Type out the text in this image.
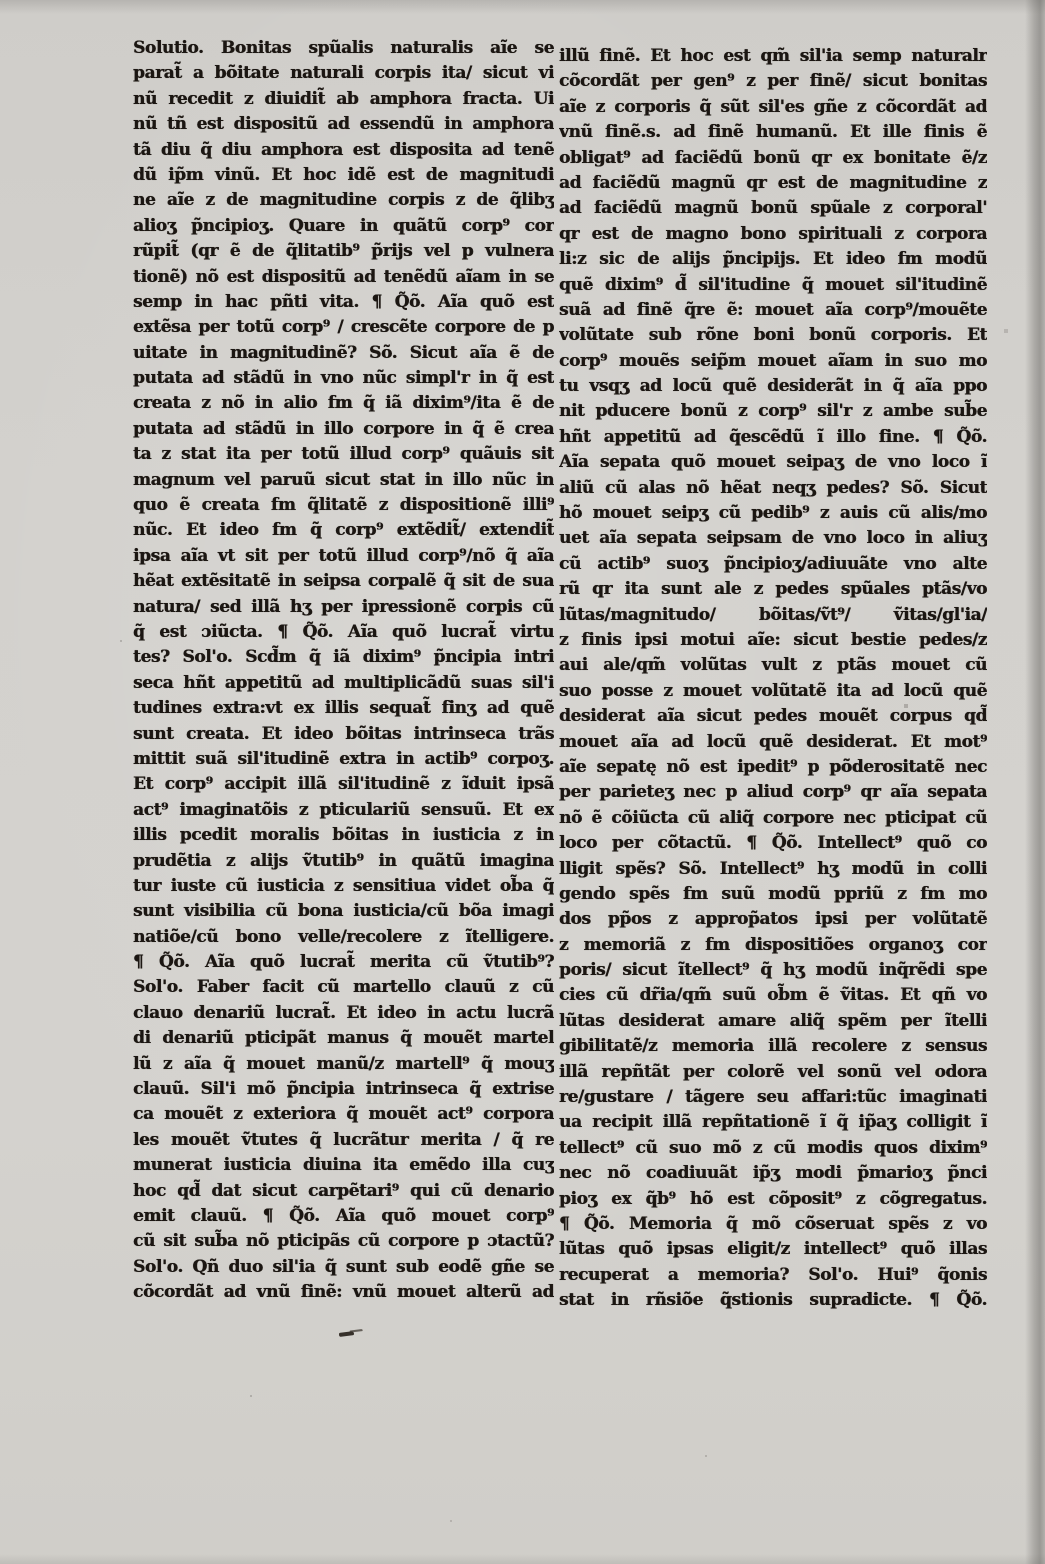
Solutio. Bonitas spũalis naturalis aĩe se
parat̃ a bõitate naturali corpis ita/ sicut vi
nũ recedit z diuidit̃ ab amphora fracta. Ui
nũ tñ est dispositũ ad essendũ in amphora
tã diu q̃ diu amphora est disposita ad tenẽ
dũ ip̃m vinũ. Et hoc idẽ est de magnitudi
ne aĩe z de magnitudine corpis z de q̃libʒ
alioʒ p̃ncipioʒ. Quare in quãtũ corp⁹ cor
rũpit̃ (qr ẽ de q̃litatib⁹ p̃rijs vel p vulnera
tionẽ) nõ est dispositũ ad tenẽdũ aĩam in se
semp in hac pñti vita. ¶ Q̃õ. Aĩa quõ est
extẽsa per totũ corp⁹ / crescẽte corpore de p
uitate in magnitudinẽ? Sõ. Sicut aĩa ẽ de
putata ad stãdũ in vno nũc simpl'r in q̃ est
creata z nõ in alio fm q̃ iã dixim⁹/ita ẽ de
putata ad stãdũ in illo corpore in q̃ ẽ crea
ta z stat ita per totũ illud corp⁹ quãuis sit
magnum vel paruũ sicut stat in illo nũc in
quo ẽ creata fm q̃litatẽ z dispositionẽ illi⁹
nũc. Et ideo fm q̃ corp⁹ extẽdit̃/ extendit̃
ipsa aĩa vt sit per totũ illud corp⁹/nõ q̃ aĩa
hẽat extẽsitatẽ in seipsa corpalẽ q̃ sit de sua
natura/ sed illã hʒ per ipressionẽ corpis cũ
q̃ est ɔiũcta. ¶ Q̃õ. Aĩa quõ lucrat̃ virtu
tes? Sol'o. Scd̃m q̃ iã dixim⁹ p̃ncipia intri
seca hñt appetitũ ad multiplicãdũ suas sil'i
tudines extra:vt ex illis sequat̃ finʒ ad quẽ
sunt creata. Et ideo bõitas intrinseca trãs
mittit suã sil'itudinẽ extra in actib⁹ corpoʒ.
Et corp⁹ accipit illã sil'itudinẽ z ĩduit ipsã
act⁹ imaginatõis z pticulariũ sensuũ. Et ex
illis pcedit moralis bõitas in iusticia z in
prudẽtia z alijs ṽtutib⁹ in quãtũ imagina
tur iuste cũ iusticia z sensitiua videt ob̃a q̃
sunt visibilia cũ bona iusticia/cũ bõa imagi
natiõe/cũ bono velle/recolere z ĩtelligere.
¶ Q̃õ. Aĩa quõ lucrat̃ merita cũ ṽtutib⁹?
Sol'o. Faber facit cũ martello clauũ z cũ
clauo denariũ lucrat̃. Et ideo in actu lucrã
di denariũ pticipãt manus q̃ mouẽt martel
lũ z aĩa q̃ mouet manũ/z martell⁹ q̃ mouʒ
clauũ. Sil'i mõ p̃ncipia intrinseca q̃ extrise
ca mouẽt z exteriora q̃ mouẽt act⁹ corpora
les mouẽt ṽtutes q̃ lucrãtur merita / q̃ re
munerat iusticia diuina ita emẽdo illa cuʒ
hoc qd̃ dat sicut carpẽtari⁹ qui cũ denario
emit clauũ. ¶ Q̃õ. Aĩa quõ mouet corp⁹
cũ sit sub̃a nõ pticipãs cũ corpore p ɔtactũ?
Sol'o. Qñ duo sil'ia q̃ sunt sub eodẽ gñe se
cõcordãt ad vnũ finẽ: vnũ mouet alterũ ad
illũ finẽ. Et hoc est qm̃ sil'ia semp naturalr
cõcordãt per gen⁹ z per finẽ/ sicut bonitas
aĩe z corporis q̃ sũt sil'es gñe z cõcordãt ad
vnũ finẽ.s. ad finẽ humanũ. Et ille finis ẽ
obligat⁹ ad faciẽdũ bonũ qr ex bonitate ẽ/z
ad faciẽdũ magnũ qr est de magnitudine z
ad faciẽdũ magnũ bonũ spũale z corporal'
qr est de magno bono spirituali z corpora
li:z sic de alijs p̃ncipijs. Et ideo fm modũ
quẽ dixim⁹ d̃ sil'itudine q̃ mouet sil'itudinẽ
suã ad finẽ q̃re ẽ: mouet aĩa corp⁹/mouẽte
volũtate sub rõne boni bonũ corporis. Et
corp⁹ mouẽs seip̃m mouet aĩam in suo mo
tu vsqʒ ad locũ quẽ desiderãt in q̃ aĩa ppo
nit pducere bonũ z corp⁹ sil'r z ambe sub̃e
hñt appetitũ ad q̃escẽdũ ĩ illo fine. ¶ Q̃õ.
Aĩa sepata quõ mouet seipaʒ de vno loco ĩ
aliũ cũ alas nõ hẽat neqʒ pedes? Sõ. Sicut
hõ mouet seipʒ cũ pedib⁹ z auis cũ alis/mo
uet aĩa sepata seipsam de vno loco in aliuʒ
cũ actib⁹ suoʒ p̃ncipioʒ/adiuuãte vno alte
rũ qr ita sunt ale z pedes spũales ptãs/vo
lũtas/magnitudo/ bõitas/ṽt⁹/ ṽitas/gl'ia/
z finis ipsi motui aĩe: sicut bestie pedes/z
aui ale/qm̃ volũtas vult z ptãs mouet cũ
suo posse z mouet volũtatẽ ita ad locũ quẽ
desiderat aĩa sicut pedes mouẽt corpus qd̃
mouet aĩa ad locũ quẽ desiderat. Et mot⁹
aĩe sepatę nõ est ipedit⁹ p põderositatẽ nec
per parieteʒ nec p aliud corp⁹ qr aĩa sepata
nõ ẽ cõiũcta cũ aliq̃ corpore nec pticipat cũ
loco per cõtactũ. ¶ Q̃õ. Intellect⁹ quõ co
lligit spẽs? Sõ. Intellect⁹ hʒ modũ in colli
gendo spẽs fm suũ modũ ppriũ z fm mo
dos pp̃os z approp̃atos ipsi per volũtatẽ
z memoriã z fm dispositiões organoʒ cor
poris/ sicut ĩtellect⁹ q̃ hʒ modũ inq̃rẽdi spe
cies cũ dr̃ia/qm̃ suũ ob̃m ẽ ṽitas. Et qñ vo
lũtas desiderat amare aliq̃ spẽm per ĩtelli
gibilitatẽ/z memoria illã recolere z sensus
illã repñtãt per colorẽ vel sonũ vel odora
re/gustare / tãgere seu affari:tũc imaginati
ua recipit illã repñtationẽ ĩ q̃ ip̃aʒ colligit ĩ
tellect⁹ cũ suo mõ z cũ modis quos dixim⁹
nec nõ coadiuuãt ip̃ʒ modi p̃marioʒ p̃nci
pioʒ ex q̃b⁹ hõ est cõposit⁹ z cõgregatus.
¶ Q̃õ. Memoria q̃ mõ cõseruat spẽs z vo
lũtas quõ ipsas eligit/z intellect⁹ quõ illas
recuperat a memoria? Sol'o. Hui⁹ q̃onis
stat in rñsiõe q̃stionis supradicte. ¶ Q̃õ.
